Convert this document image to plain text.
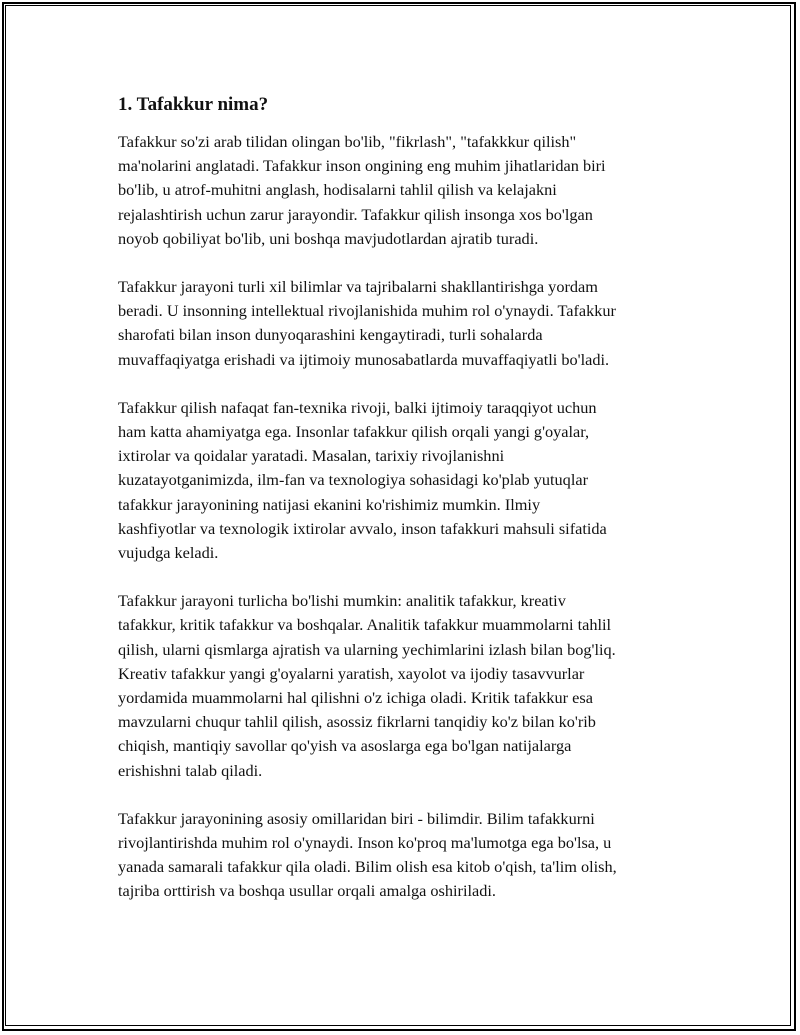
1. Tafakkur nima?

Tafakkur so'zi arab tilidan olingan bo'lib, "fikrlash", "tafakkkur qilish"
ma'nolarini anglatadi. Tafakkur inson ongining eng muhim jihatlaridan biri
bo'lib, u atrof-muhitni anglash, hodisalarni tahlil qilish va kelajakni
rejalashtirish uchun zarur jarayondir. Tafakkur qilish insonga xos bo'lgan
noyob qobiliyat bo'lib, uni boshqa mavjudotlardan ajratib turadi.

Tafakkur jarayoni turli xil bilimlar va tajribalarni shakllantirishga yordam
beradi. U insonning intellektual rivojlanishida muhim rol o'ynaydi. Tafakkur
sharofati bilan inson dunyoqarashini kengaytiradi, turli sohalarda
muvaffaqiyatga erishadi va ijtimoiy munosabatlarda muvaffaqiyatli bo'ladi.

Tafakkur qilish nafaqat fan-texnika rivoji, balki ijtimoiy taraqqiyot uchun
ham katta ahamiyatga ega. Insonlar tafakkur qilish orqali yangi g'oyalar,
ixtirolar va qoidalar yaratadi. Masalan, tarixiy rivojlanishni
kuzatayotganimizda, ilm-fan va texnologiya sohasidagi ko'plab yutuqlar
tafakkur jarayonining natijasi ekanini ko'rishimiz mumkin. Ilmiy
kashfiyotlar va texnologik ixtirolar avvalo, inson tafakkuri mahsuli sifatida
vujudga keladi.

Tafakkur jarayoni turlicha bo'lishi mumkin: analitik tafakkur, kreativ
tafakkur, kritik tafakkur va boshqalar. Analitik tafakkur muammolarni tahlil
qilish, ularni qismlarga ajratish va ularning yechimlarini izlash bilan bog'liq.
Kreativ tafakkur yangi g'oyalarni yaratish, xayolot va ijodiy tasavvurlar
yordamida muammolarni hal qilishni o'z ichiga oladi. Kritik tafakkur esa
mavzularni chuqur tahlil qilish, asossiz fikrlarni tanqidiy ko'z bilan ko'rib
chiqish, mantiqiy savollar qo'yish va asoslarga ega bo'lgan natijalarga
erishishni talab qiladi.

Tafakkur jarayonining asosiy omillaridan biri - bilimdir. Bilim tafakkurni
rivojlantirishda muhim rol o'ynaydi. Inson ko'proq ma'lumotga ega bo'lsa, u
yanada samarali tafakkur qila oladi. Bilim olish esa kitob o'qish, ta'lim olish,
tajriba orttirish va boshqa usullar orqali amalga oshiriladi.
